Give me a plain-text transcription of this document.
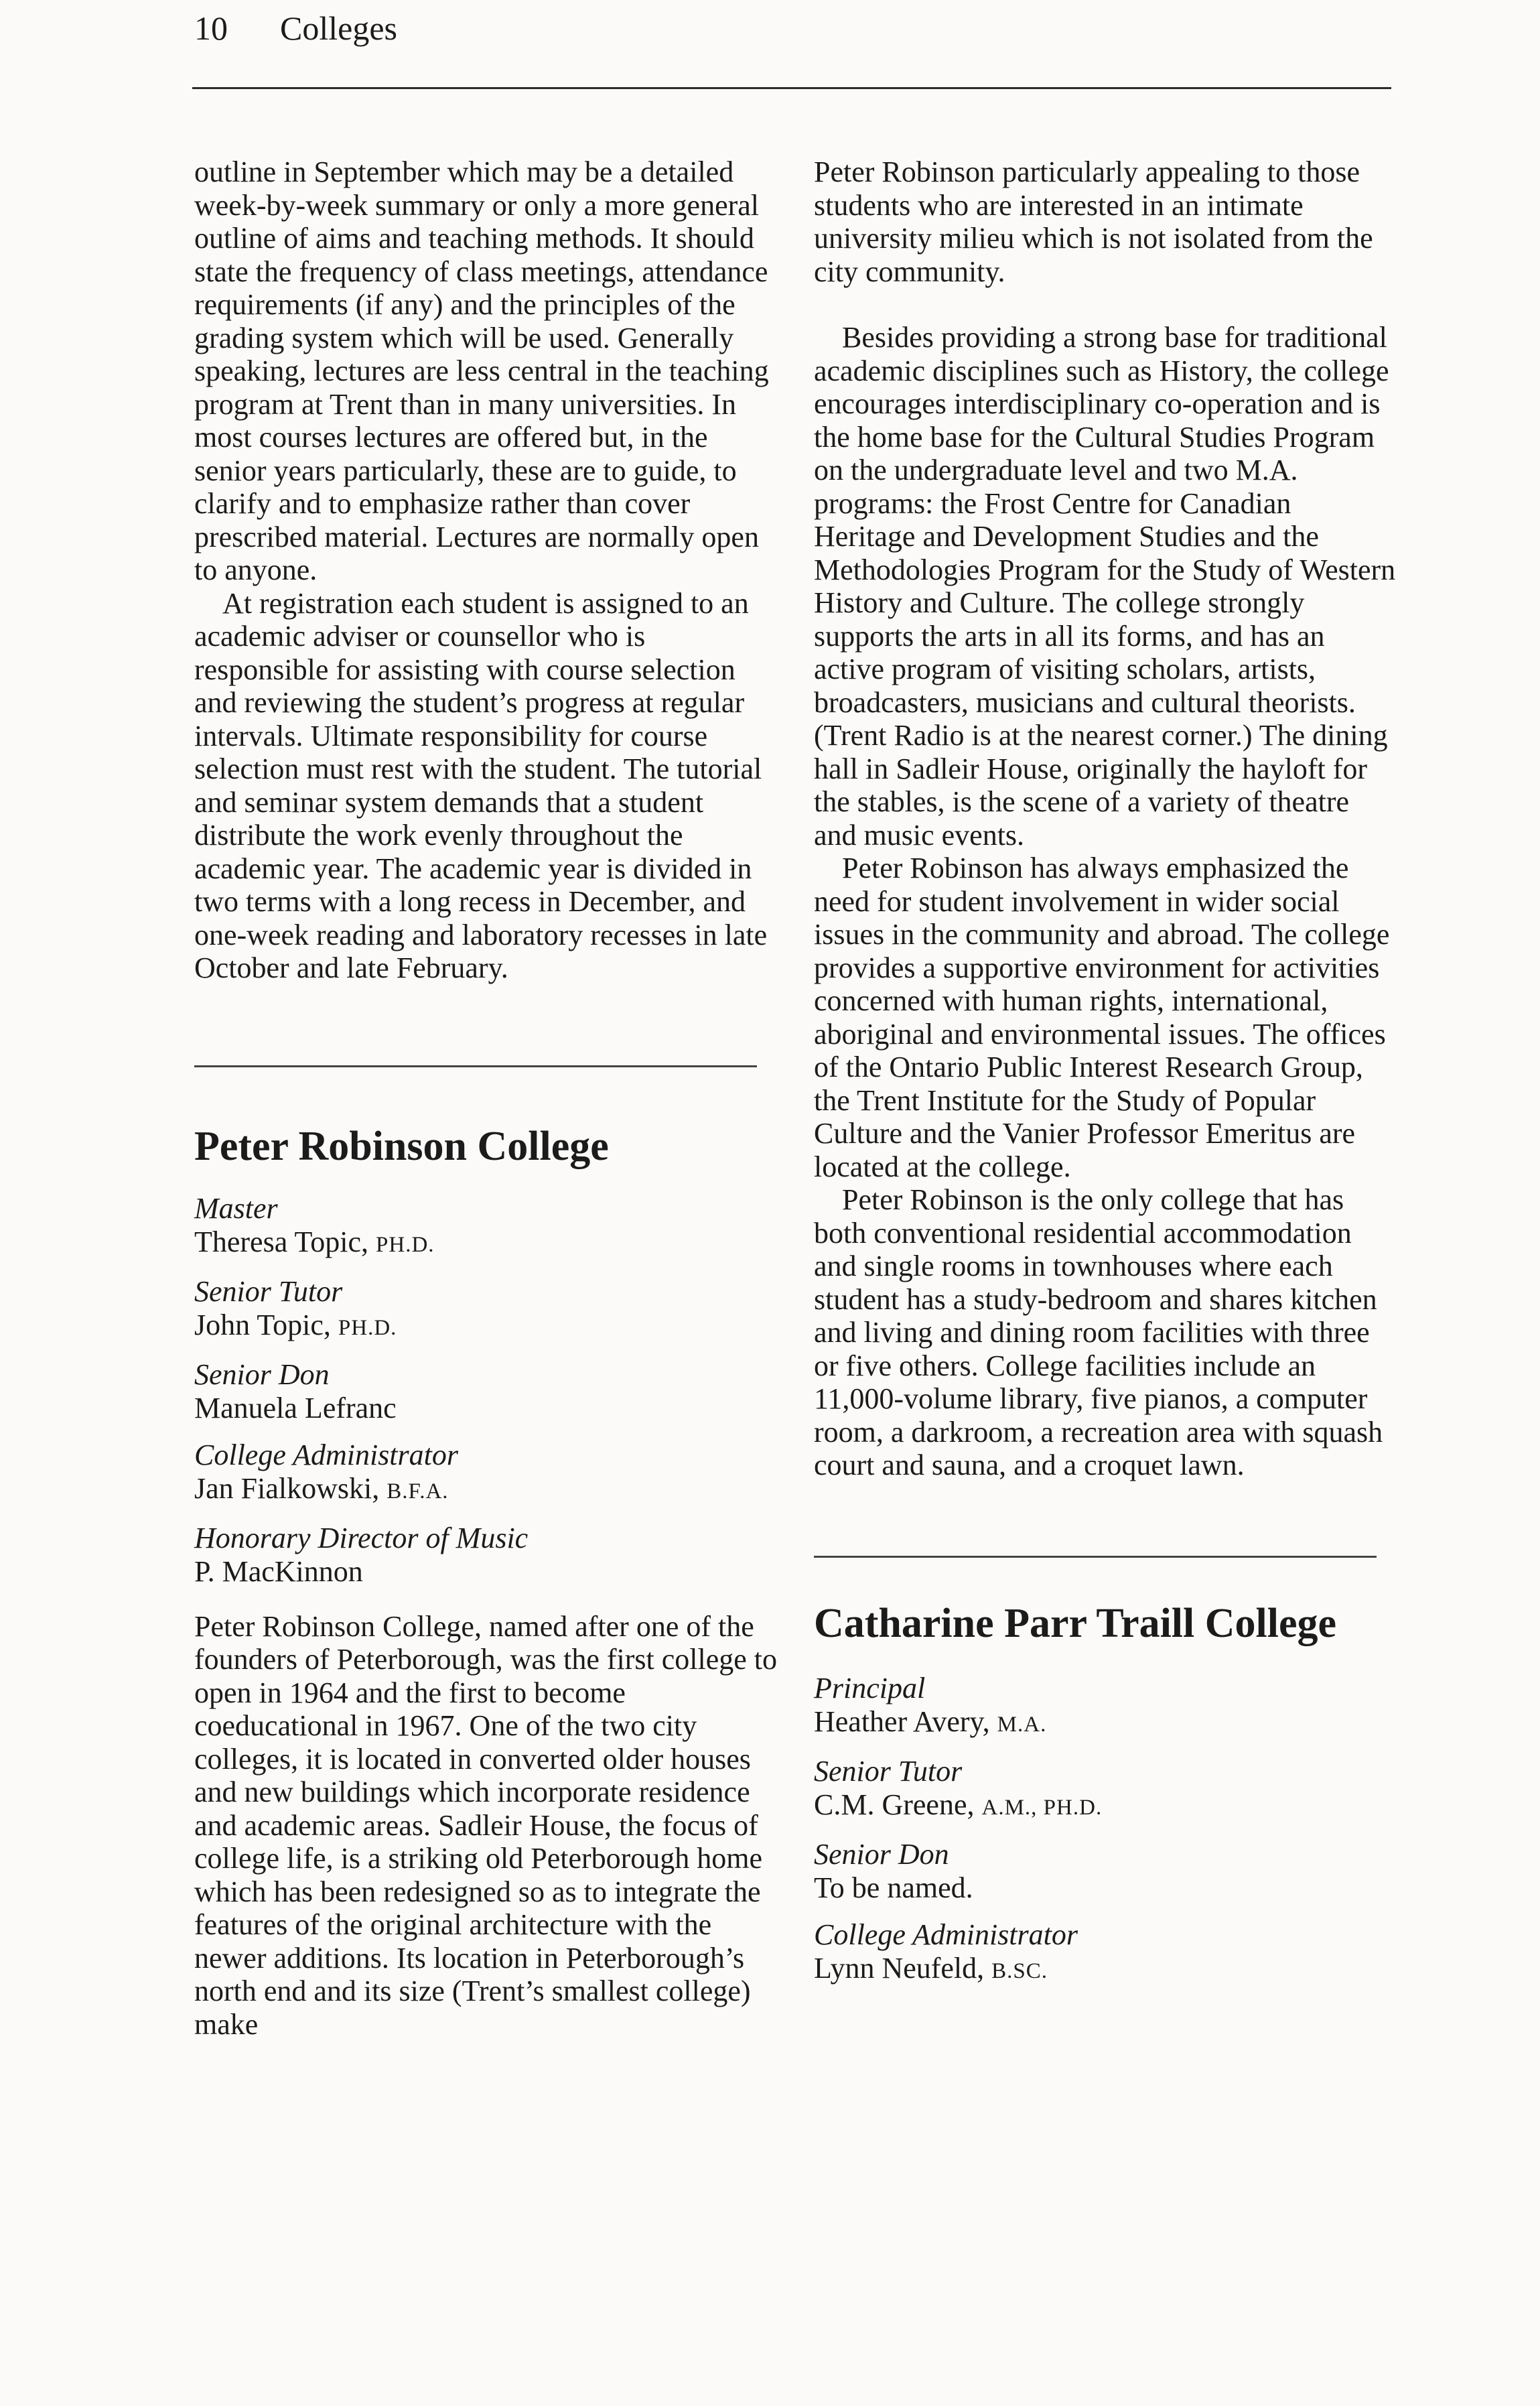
10 Colleges

outline in September which may be a detailed week-by-week summary or only a more general outline of aims and teaching methods. It should state the frequency of class meetings, attendance requirements (if any) and the principles of the grading system which will be used. Generally speaking, lectures are less central in the teaching program at Trent than in many universities. In most courses lectures are offered but, in the senior years particularly, these are to guide, to clarify and to emphasize rather than cover prescribed material. Lectures are normally open to anyone.

At registration each student is assigned to an academic adviser or counsellor who is responsible for assisting with course selection and reviewing the student’s progress at regular intervals. Ultimate responsibility for course selection must rest with the student. The tutorial and seminar system demands that a student distribute the work evenly throughout the academic year. The academic year is divided in two terms with a long recess in December, and one-week reading and laboratory recesses in late October and late February.

Peter Robinson College
Master
Theresa Topic, PH.D.
Senior Tutor
John Topic, PH.D.
Senior Don
Manuela Lefranc
College Administrator
Jan Fialkowski, B.F.A.
Honorary Director of Music
P. MacKinnon

Peter Robinson College, named after one of the founders of Peterborough, was the first college to open in 1964 and the first to become coeducational in 1967. One of the two city colleges, it is located in converted older houses and new buildings which incorporate residence and academic areas. Sadleir House, the focus of college life, is a striking old Peterborough home which has been redesigned so as to integrate the features of the original architecture with the newer additions. Its location in Peterborough’s north end and its size (Trent’s smallest college) make

Peter Robinson particularly appealing to those students who are interested in an intimate university milieu which is not isolated from the city community.

Besides providing a strong base for traditional academic disciplines such as History, the college encourages interdisciplinary co-operation and is the home base for the Cultural Studies Program on the undergraduate level and two M.A. programs: the Frost Centre for Canadian Heritage and Development Studies and the Methodologies Program for the Study of Western History and Culture. The college strongly supports the arts in all its forms, and has an active program of visiting scholars, artists, broadcasters, musicians and cultural theorists. (Trent Radio is at the nearest corner.) The dining hall in Sadleir House, originally the hayloft for the stables, is the scene of a variety of theatre and music events.

Peter Robinson has always emphasized the need for student involvement in wider social issues in the community and abroad. The college provides a supportive environment for activities concerned with human rights, international, aboriginal and environmental issues. The offices of the Ontario Public Interest Research Group, the Trent Institute for the Study of Popular Culture and the Vanier Professor Emeritus are located at the college.

Peter Robinson is the only college that has both conventional residential accommodation and single rooms in townhouses where each student has a study-bedroom and shares kitchen and living and dining room facilities with three or five others. College facilities include an 11,000-volume library, five pianos, a computer room, a darkroom, a recreation area with squash court and sauna, and a croquet lawn.

Catharine Parr Traill College
Principal
Heather Avery, M.A.
Senior Tutor
C.M. Greene, A.M., PH.D.
Senior Don
To be named.
College Administrator
Lynn Neufeld, B.SC.
